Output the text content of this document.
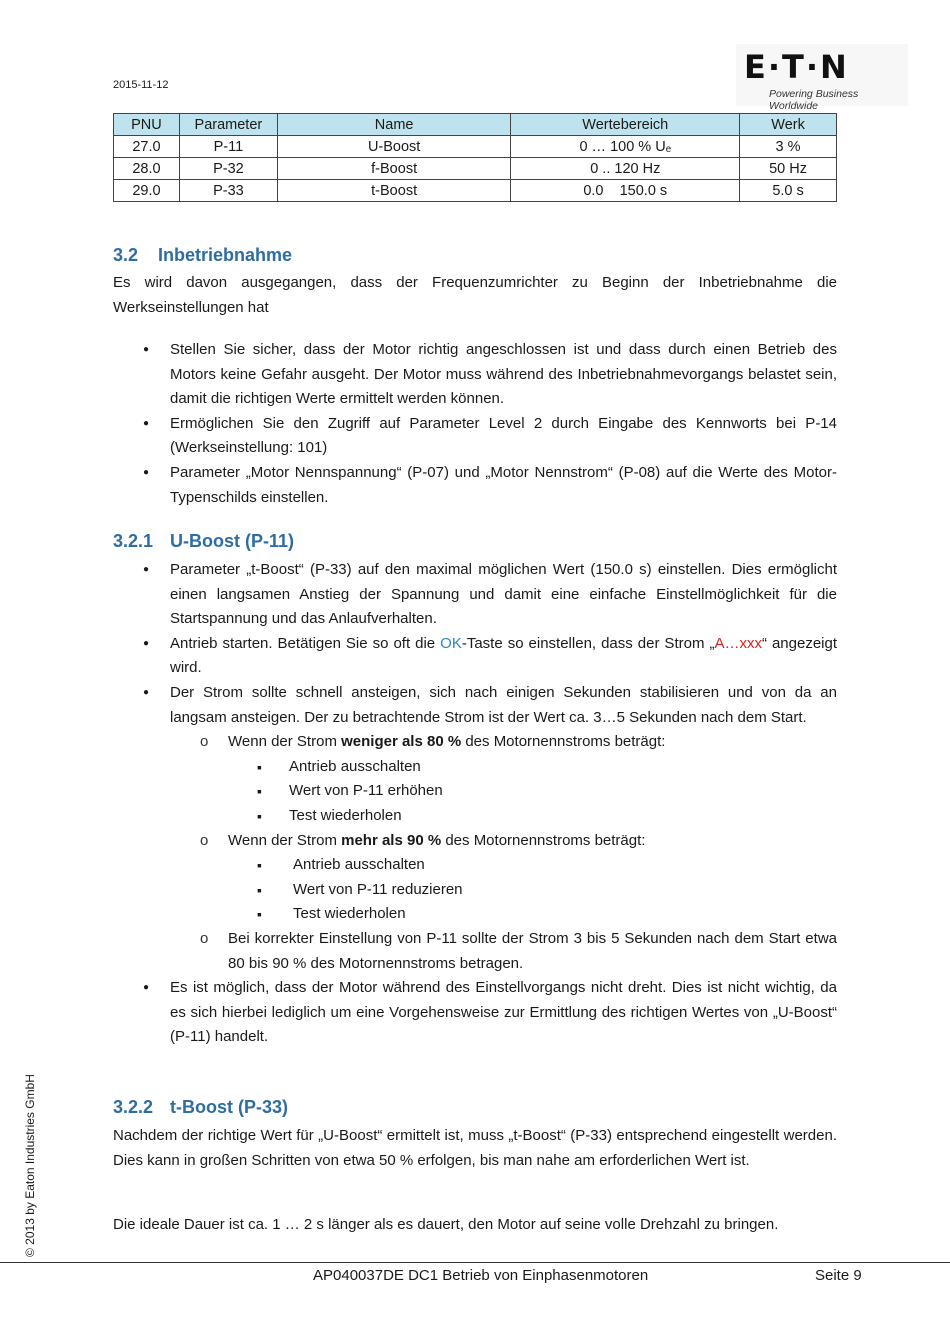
2015-11-12	E·T·N
Powering Business Worldwide
PNU	Parameter	Name	Wertebereich	Werk
27.0	P-11	U-Boost	0 … 100 % Uₑ	3 %
28.0	P-32	f-Boost	0 .. 120 Hz	50 Hz
29.0	P-33	t-Boost	0.0    150.0 s	5.0 s
3.2 Inbetriebnahme

Es wird davon ausgegangen, dass der Frequenzumrichter zu Beginn der Inbetriebnahme die Werkseinstellungen hat

● Stellen Sie sicher, dass der Motor richtig angeschlossen ist und dass durch einen Betrieb des Motors keine Gefahr ausgeht. Der Motor muss während des Inbetriebnahmevorgangs belastet sein, damit die richtigen Werte ermittelt werden können.
● Ermöglichen Sie den Zugriff auf Parameter Level 2 durch Eingabe des Kennworts bei P-14 (Werkseinstellung: 101)
● Parameter „Motor Nennspannung“ (P-07) und „Motor Nennstrom“ (P-08) auf die Werte des Motor-Typenschilds einstellen.
3.2.1 U-Boost (P-11)
● Parameter „t-Boost“ (P-33) auf den maximal möglichen Wert (150.0 s) einstellen. Dies ermöglicht einen langsamen Anstieg der Spannung und damit eine einfache Einstellmöglichkeit für die Startspannung und das Anlaufverhalten.
● Antrieb starten. Betätigen Sie so oft die OK-Taste so einstellen, dass der Strom „A…xxx“ angezeigt wird.
● Der Strom sollte schnell ansteigen, sich nach einigen Sekunden stabilisieren und von da an langsam ansteigen. Der zu betrachtende Strom ist der Wert ca. 3…5 Sekunden nach dem Start.
o Wenn der Strom weniger als 80 % des Motornennstroms beträgt:
▪ Antrieb ausschalten
▪ Wert von P-11 erhöhen
▪ Test wiederholen
o Wenn der Strom mehr als 90 % des Motornennstroms beträgt:
▪ Antrieb ausschalten
▪ Wert von P-11 reduzieren
▪ Test wiederholen
o Bei korrekter Einstellung von P-11 sollte der Strom 3 bis 5 Sekunden nach dem Start etwa 80 bis 90 % des Motornennstroms betragen.
● Es ist möglich, dass der Motor während des Einstellvorgangs nicht dreht. Dies ist nicht wichtig, da es sich hierbei lediglich um eine Vorgehensweise zur Ermittlung des richtigen Wertes von „U-Boost“ (P-11) handelt.
3.2.2 t-Boost (P-33)

Nachdem der richtige Wert für „U-Boost“ ermittelt ist, muss „t-Boost“ (P-33) entsprechend eingestellt werden. Dies kann in großen Schritten von etwa 50 % erfolgen, bis man nahe am erforderlichen Wert ist.

Die ideale Dauer ist ca. 1 … 2 s länger als es dauert, den Motor auf seine volle Drehzahl zu bringen.

© 2013 by Eaton Industries GmbH
AP040037DE DC1 Betrieb von Einphasenmotoren	Seite 9
